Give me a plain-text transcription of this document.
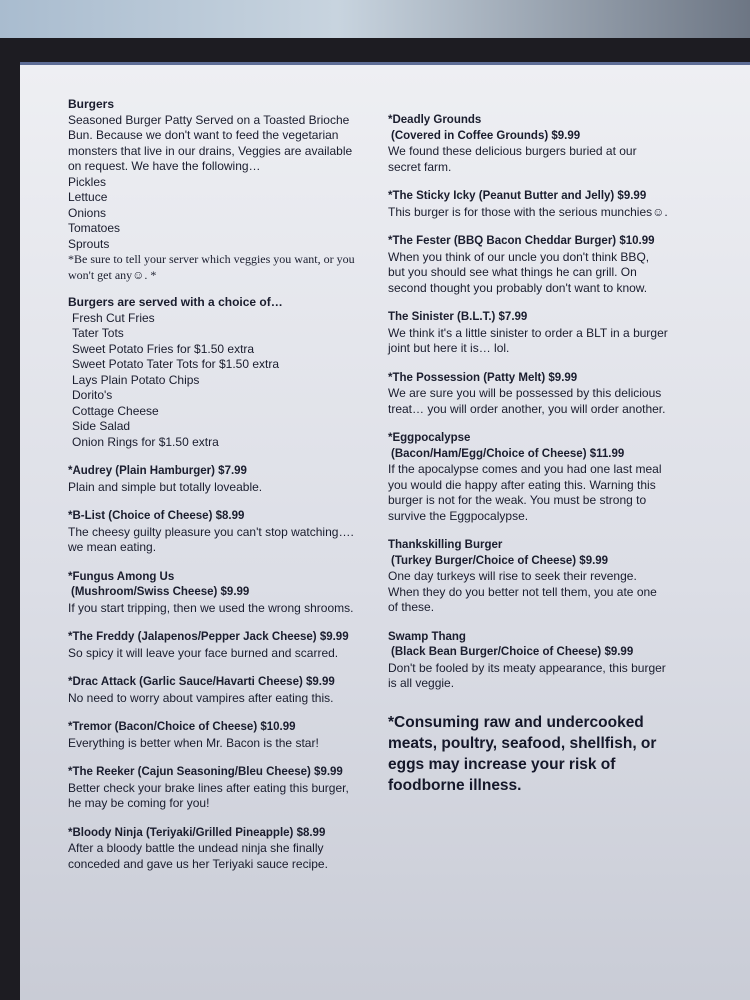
Burgers
Seasoned Burger Patty Served on a Toasted Brioche Bun. Because we don't want to feed the vegetarian monsters that live in our drains, Veggies are available on request. We have the following…
Pickles
Lettuce
Onions
Tomatoes
Sprouts
*Be sure to tell your server which veggies you want, or you won't get any☺. *
Burgers are served with a choice of…
Fresh Cut Fries
Tater Tots
Sweet Potato Fries for $1.50 extra
Sweet Potato Tater Tots for $1.50 extra
Lays Plain Potato Chips
Dorito's
Cottage Cheese
Side Salad
Onion Rings for $1.50 extra
*Audrey (Plain Hamburger) $7.99
Plain and simple but totally loveable.
*B-List (Choice of Cheese) $8.99
The cheesy guilty pleasure you can't stop watching…. we mean eating.
*Fungus Among Us
(Mushroom/Swiss Cheese) $9.99
If you start tripping, then we used the wrong shrooms.
*The Freddy (Jalapenos/Pepper Jack Cheese) $9.99
So spicy it will leave your face burned and scarred.
*Drac Attack (Garlic Sauce/Havarti Cheese) $9.99
No need to worry about vampires after eating this.
*Tremor (Bacon/Choice of Cheese) $10.99
Everything is better when Mr. Bacon is the star!
*The Reeker (Cajun Seasoning/Bleu Cheese) $9.99
Better check your brake lines after eating this burger, he may be coming for you!
*Bloody Ninja (Teriyaki/Grilled Pineapple) $8.99
After a bloody battle the undead ninja she finally conceded and gave us her Teriyaki sauce recipe.
*Deadly Grounds
(Covered in Coffee Grounds) $9.99
We found these delicious burgers buried at our secret farm.
*The Sticky Icky (Peanut Butter and Jelly) $9.99
This burger is for those with the serious munchies☺.
*The Fester (BBQ Bacon Cheddar Burger) $10.99
When you think of our uncle you don't think BBQ, but you should see what things he can grill. On second thought you probably don't want to know.
The Sinister (B.L.T.) $7.99
We think it's a little sinister to order a BLT in a burger joint but here it is… lol.
*The Possession (Patty Melt) $9.99
We are sure you will be possessed by this delicious treat… you will order another, you will order another.
*Eggpocalypse
(Bacon/Ham/Egg/Choice of Cheese) $11.99
If the apocalypse comes and you had one last meal you would die happy after eating this. Warning this burger is not for the weak. You must be strong to survive the Eggpocalypse.
Thankskilling Burger
(Turkey Burger/Choice of Cheese) $9.99
One day turkeys will rise to seek their revenge. When they do you better not tell them, you ate one of these.
Swamp Thang
(Black Bean Burger/Choice of Cheese) $9.99
Don't be fooled by its meaty appearance, this burger is all veggie.
*Consuming raw and undercooked meats, poultry, seafood, shellfish, or eggs may increase your risk of foodborne illness.
